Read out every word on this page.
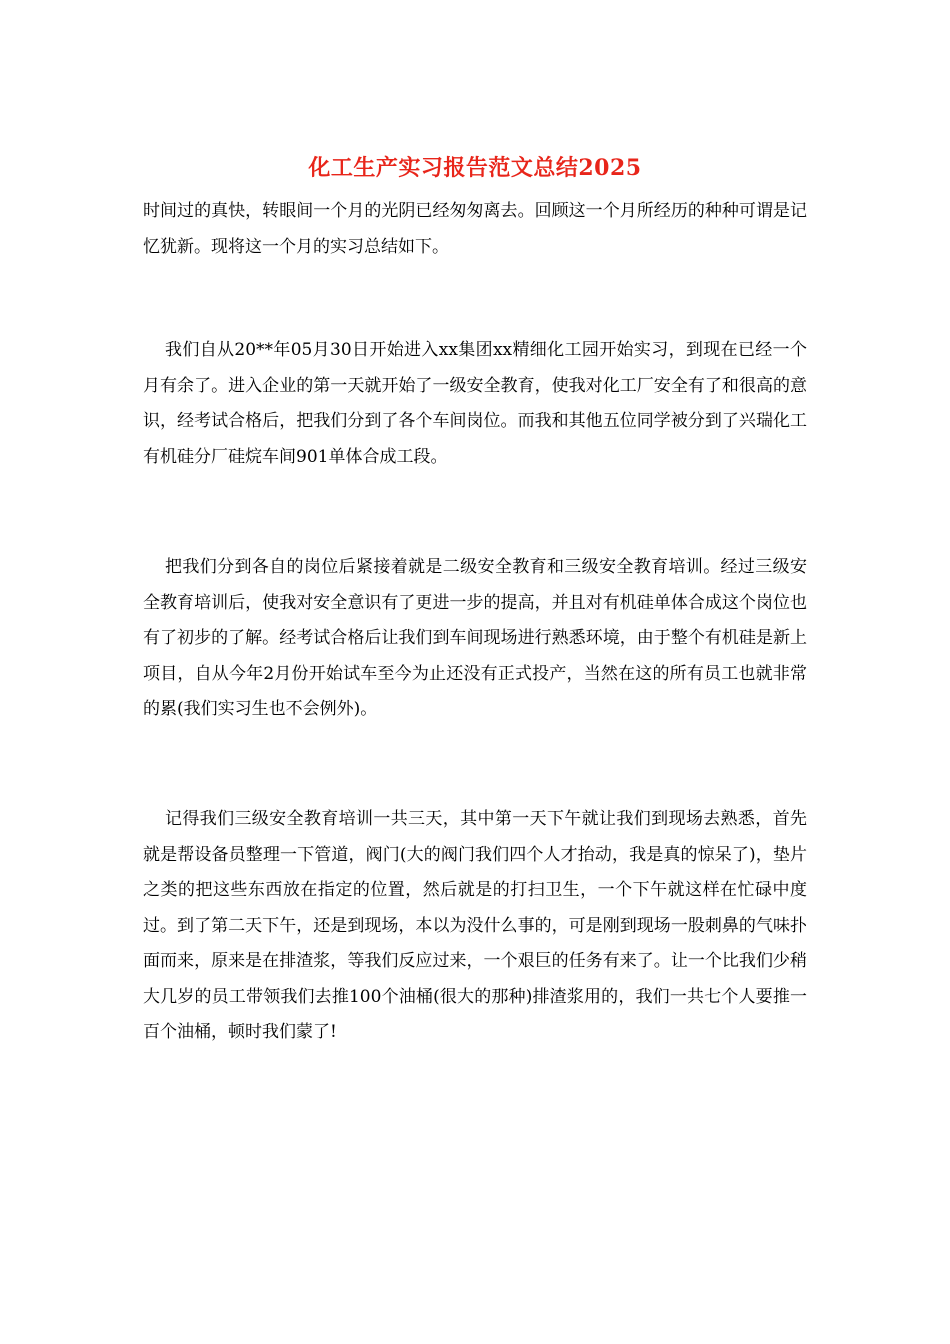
化工生产实习报告范文总结2025

时间过的真快，转眼间一个月的光阴已经匆匆离去。回顾这一个月所经历的种种可谓是记忆犹新。现将这一个月的实习总结如下。

我们自从20**年05月30日开始进入xx集团xx精细化工园开始实习，到现在已经一个月有余了。进入企业的第一天就开始了一级安全教育，使我对化工厂安全有了和很高的意识，经考试合格后，把我们分到了各个车间岗位。而我和其他五位同学被分到了兴瑞化工有机硅分厂硅烷车间901单体合成工段。

把我们分到各自的岗位后紧接着就是二级安全教育和三级安全教育培训。经过三级安全教育培训后，使我对安全意识有了更进一步的提高，并且对有机硅单体合成这个岗位也有了初步的了解。经考试合格后让我们到车间现场进行熟悉环境，由于整个有机硅是新上项目，自从今年2月份开始试车至今为止还没有正式投产，当然在这的所有员工也就非常的累(我们实习生也不会例外)。

记得我们三级安全教育培训一共三天，其中第一天下午就让我们到现场去熟悉，首先就是帮设备员整理一下管道，阀门(大的阀门我们四个人才抬动，我是真的惊呆了)，垫片之类的把这些东西放在指定的位置，然后就是的打扫卫生，一个下午就这样在忙碌中度过。到了第二天下午，还是到现场，本以为没什么事的，可是刚到现场一股刺鼻的气味扑面而来，原来是在排渣浆，等我们反应过来，一个艰巨的任务有来了。让一个比我们少稍大几岁的员工带领我们去推100个油桶(很大的那种)排渣浆用的，我们一共七个人要推一百个油桶，顿时我们蒙了!
